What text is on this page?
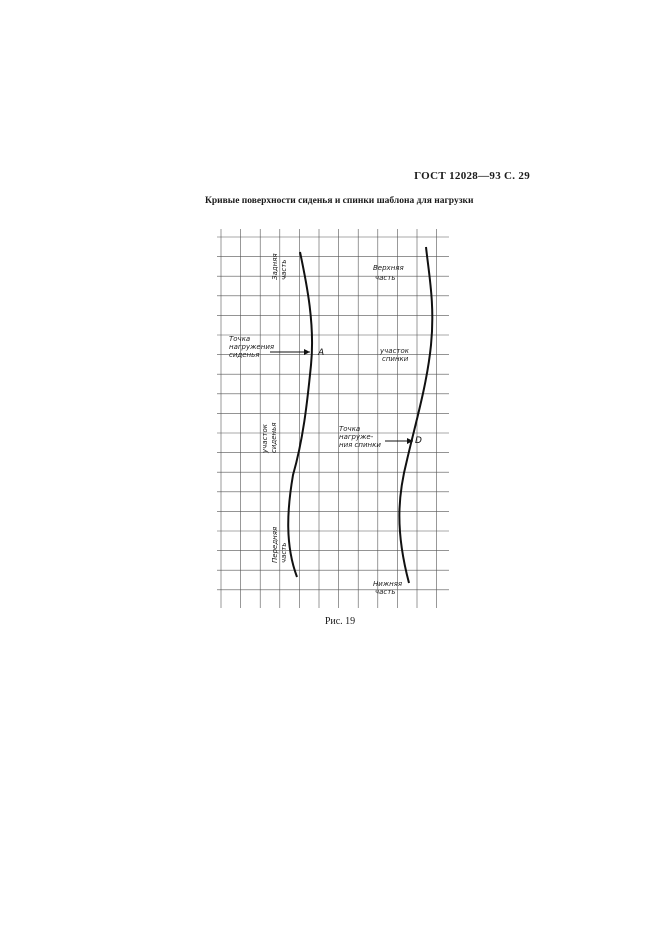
ГОСТ 12028—93 С. 29
Кривые поверхности сиденья и спинки шаблона для нагрузки
Верхняя
часть
Точка
нагружения
сиденья	A	участок
спинки
Точка
нагруже-
ния спинки	D
Нижняя
часть
Задняя часть
участок сиденья
Передняя часть
Рис. 19
